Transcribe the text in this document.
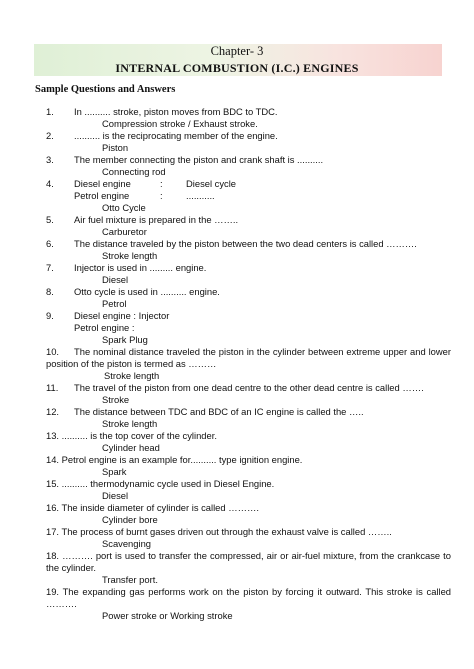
Chapter- 3
INTERNAL COMBUSTION (I.C.) ENGINES
Sample Questions and Answers
1. In .......... stroke, piston moves from BDC to TDC.
Compression stroke / Exhaust stroke.
2. .......... is the reciprocating member of the engine.
Piston
3. The member connecting the piston and crank shaft is ..........
Connecting rod
4. Diesel engine	: Diesel cycle
Petrol engine	: ...........
Otto Cycle
5. Air fuel mixture is prepared in the ……..
Carburetor
6. The distance traveled by the piston between the two dead centers is called ……….
Stroke length
7. Injector is used in ......... engine.
Diesel
8. Otto cycle is used in .......... engine.
Petrol
9. Diesel engine : Injector
Petrol engine :
Spark Plug
10.	The nominal distance traveled the piston in the cylinder between extreme upper and lower position of the piston is termed as ………
Stroke length
11. The travel of the piston from one dead centre to the other dead centre is called …….
Stroke
12. The distance between TDC and BDC of an IC engine is called the …..
Stroke length
13. .......... is the top cover of the cylinder.
Cylinder head
14. Petrol engine is an example for.......... type ignition engine.
Spark
15. .......... thermodynamic cycle used in Diesel Engine.
Diesel
16. The inside diameter of cylinder is called ……….
Cylinder bore
17. The process of burnt gases driven out through the exhaust valve is called ……..
Scavenging
18. ………. port is used to transfer the compressed, air or air-fuel mixture, from the crankcase to the cylinder.
Transfer port.
19. The expanding gas performs work on the piston by forcing it outward. This stroke is called ……….
Power stroke or Working stroke
